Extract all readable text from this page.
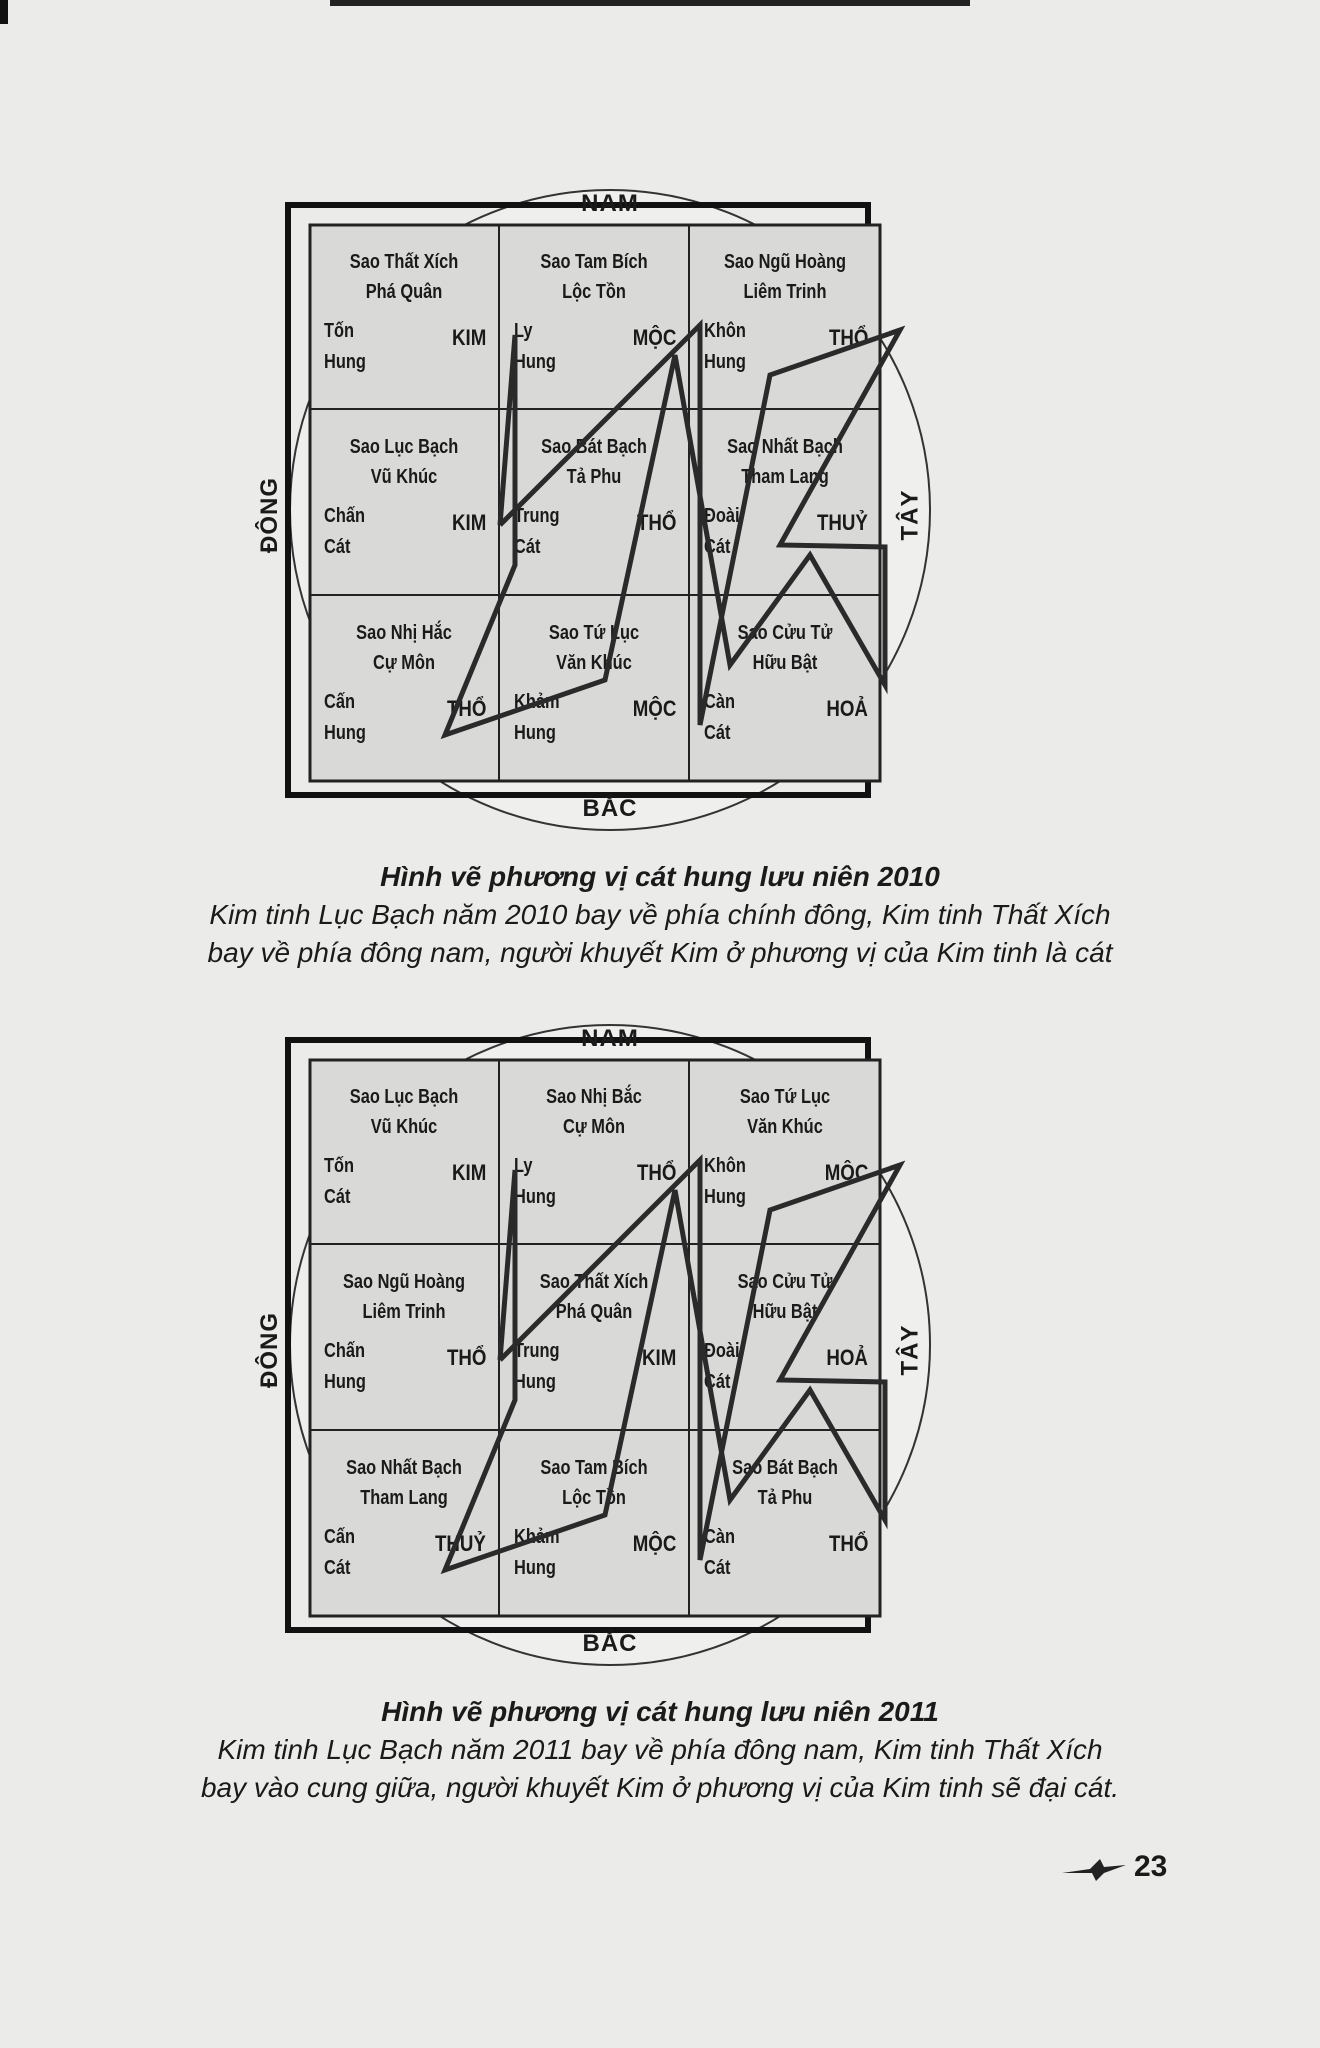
Sao Thất Xích
Phá Quân
Tốn
Hung
KIM
Sao Tam Bích
Lộc Tồn
Ly
Hung
MỘC
Sao Ngũ Hoàng
Liêm Trinh
Khôn
Hung
THỔ
Sao Lục Bạch
Vũ Khúc
Chấn
Cát
KIM
Sao Bát Bạch
Tả Phu
Trung
Cát
THỔ
Sao Nhất Bạch
Tham Lang
Đoài
Cát
THUỶ
Sao Nhị Hắc
Cự Môn
Cấn
Hung
THỔ
Sao Tứ Lục
Văn Khúc
Khảm
Hung
MỘC
Sao Cửu Tử
Hữu Bật
Càn
Cát
HOẢ
NAM
BẮC
ĐÔNG	TÂY
Hình vẽ phương vị cát hung lưu niên 2010
Kim tinh Lục Bạch năm 2010 bay về phía chính đông, Kim tinh Thất Xích
bay về phía đông nam, người khuyết Kim ở phương vị của Kim tinh là cát
Sao Lục Bạch
Vũ Khúc
Tốn
Cát
KIM
Sao Nhị Bắc
Cự Môn
Ly
Hung
THỔ
Sao Tứ Lục
Văn Khúc
Khôn
Hung
MỘC
Sao Ngũ Hoàng
Liêm Trinh
Chấn
Hung
THỔ
Sao Thất Xích
Phá Quân
Trung
Hung
KIM
Sao Cửu Tử
Hữu Bật
Đoài
Cát
HOẢ
Sao Nhất Bạch
Tham Lang
Cấn
Cát
THUỶ
Sao Tam Bích
Lộc Tồn
Khảm
Hung
MỘC
Sao Bát Bạch
Tả Phu
Càn
Cát
THỔ
NAM
BẮC
ĐÔNG	TÂY
Hình vẽ phương vị cát hung lưu niên 2011
Kim tinh Lục Bạch năm 2011 bay về phía đông nam, Kim tinh Thất Xích
bay vào cung giữa, người khuyết Kim ở phương vị của Kim tinh sẽ đại cát.
23
